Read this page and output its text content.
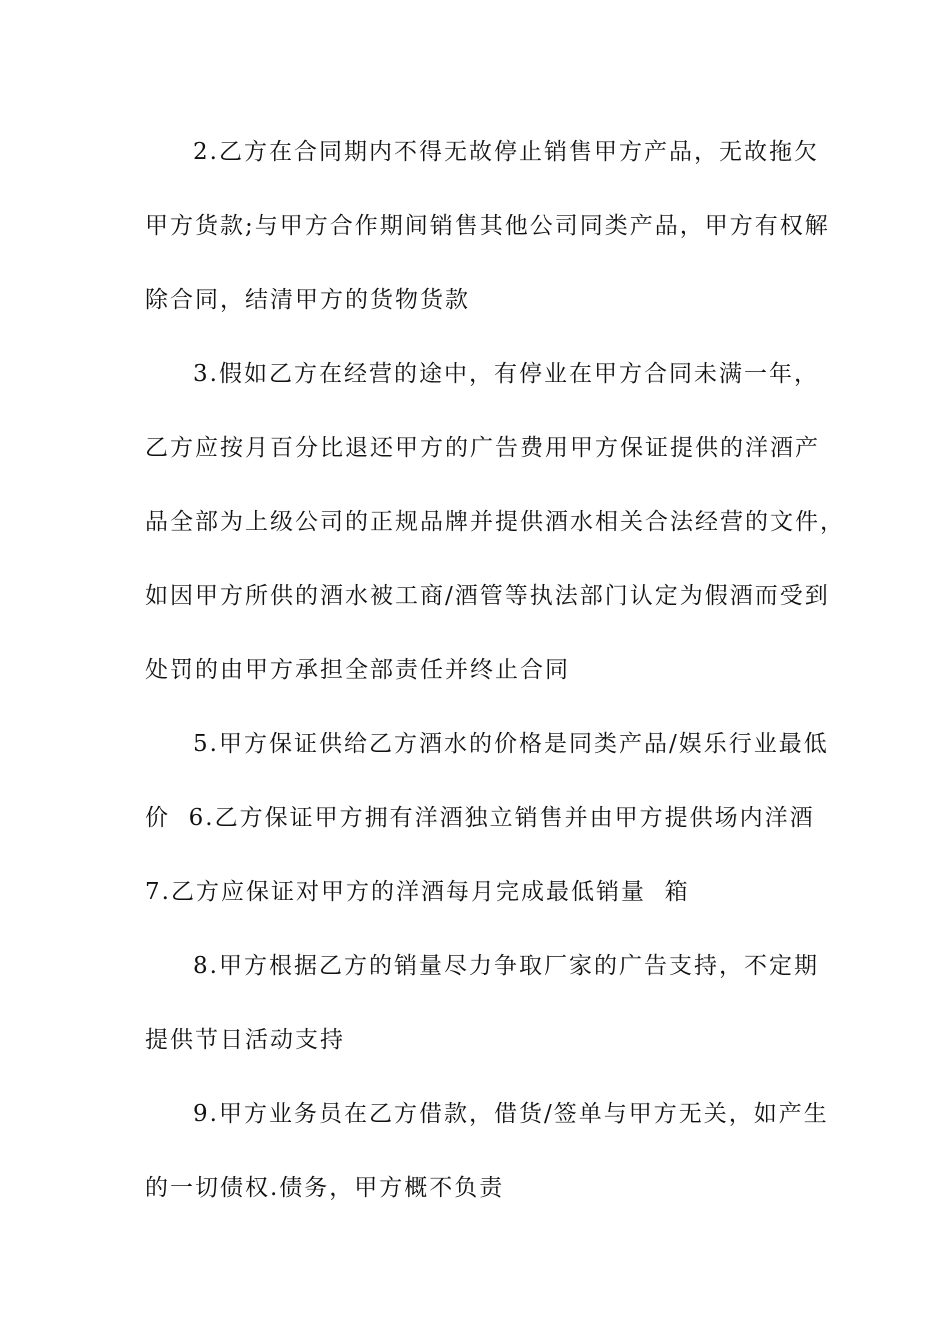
2.乙方在合同期内不得无故停止销售甲方产品，无故拖欠
甲方货款;与甲方合作期间销售其他公司同类产品，甲方有权解
除合同，结清甲方的货物货款
3.假如乙方在经营的途中，有停业在甲方合同未满一年，
乙方应按月百分比退还甲方的广告费用甲方保证提供的洋酒产
品全部为上级公司的正规品牌并提供酒水相关合法经营的文件，
如因甲方所供的酒水被工商/酒管等执法部门认定为假酒而受到
处罚的由甲方承担全部责任并终止合同
5.甲方保证供给乙方酒水的价格是同类产品/娱乐行业最低
价  6.乙方保证甲方拥有洋酒独立销售并由甲方提供场内洋酒
7.乙方应保证对甲方的洋酒每月完成最低销量  箱
8.甲方根据乙方的销量尽力争取厂家的广告支持，不定期
提供节日活动支持
9.甲方业务员在乙方借款，借货/签单与甲方无关，如产生
的一切债权.债务，甲方概不负责
